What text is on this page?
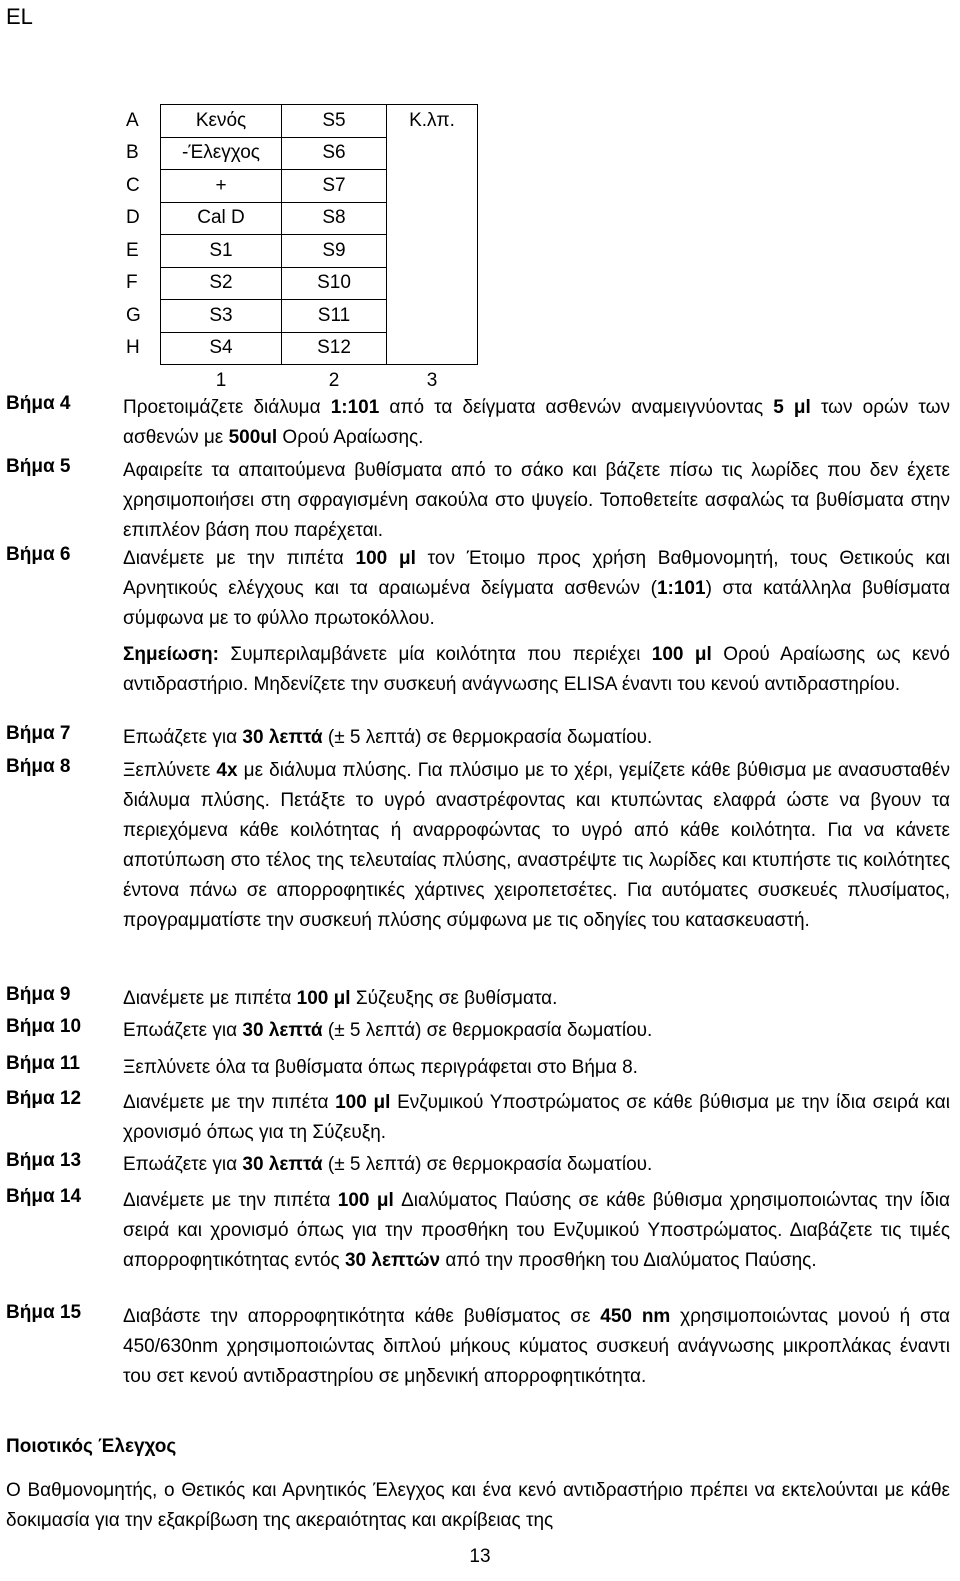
EL
A	Κενός	S5	Κ.λπ.
B	-Έλεγχος	S6	
C	+	S7	
D	Cal D	S8	
E	S1	S9	
F	S2	S10	
G	S3	S11	
H	S4	S12	
	1	2	3
Βήμα 4	Προετοιμάζετε διάλυμα 1:101 από τα δείγματα ασθενών αναμειγνύοντας 5 μl των ορών των ασθενών με 500ul Ορού Αραίωσης.

Βήμα 5	Αφαιρείτε τα απαιτούμενα βυθίσματα από το σάκο και βάζετε πίσω τις λωρίδες που δεν έχετε χρησιμοποιήσει στη σφραγισμένη σακούλα στο ψυγείο. Τοποθετείτε ασφαλώς τα βυθίσματα στην επιπλέον βάση που παρέχεται.

Βήμα 6	Διανέμετε με την πιπέτα 100 μl τον Έτοιμο προς χρήση Βαθμονομητή, τους Θετικούς και Αρνητικούς ελέγχους και τα αραιωμένα δείγματα ασθενών (1:101) στα κατάλληλα βυθίσματα σύμφωνα με το φύλλο πρωτοκόλλου.

Σημείωση: Συμπεριλαμβάνετε μία κοιλότητα που περιέχει 100 μl Ορού Αραίωσης ως κενό αντιδραστήριο. Μηδενίζετε την συσκευή ανάγνωσης ELISA έναντι του κενού αντιδραστηρίου.

Βήμα 7	Επωάζετε για 30 λεπτά (± 5 λεπτά) σε θερμοκρασία δωματίου.

Βήμα 8	Ξεπλύνετε 4x με διάλυμα πλύσης. Για πλύσιμο με το χέρι, γεμίζετε κάθε βύθισμα με ανασυσταθέν διάλυμα πλύσης. Πετάξτε το υγρό αναστρέφοντας και κτυπώντας ελαφρά ώστε να βγουν τα περιεχόμενα κάθε κοιλότητας ή αναρροφώντας το υγρό από κάθε κοιλότητα. Για να κάνετε αποτύπωση στο τέλος της τελευταίας πλύσης, αναστρέψτε τις λωρίδες και κτυπήστε τις κοιλότητες έντονα πάνω σε απορροφητικές χάρτινες χειροπετσέτες. Για αυτόματες συσκευές πλυσίματος, προγραμματίστε την συσκευή πλύσης σύμφωνα με τις οδηγίες του κατασκευαστή.

Βήμα 9	Διανέμετε με πιπέτα 100 μl Σύζευξης σε βυθίσματα.

Βήμα 10 Επωάζετε για 30 λεπτά (± 5 λεπτά) σε θερμοκρασία δωματίου.

Βήμα 11 Ξεπλύνετε όλα τα βυθίσματα όπως περιγράφεται στο Βήμα 8.

Βήμα 12 Διανέμετε με την πιπέτα 100 μl Ενζυμικού Υποστρώματος σε κάθε βύθισμα με την ίδια σειρά και χρονισμό όπως για τη Σύζευξη.

Βήμα 13 Επωάζετε για 30 λεπτά (± 5 λεπτά) σε θερμοκρασία δωματίου.

Βήμα 14 Διανέμετε με την πιπέτα 100 μl Διαλύματος Παύσης σε κάθε βύθισμα χρησιμοποιώντας την ίδια σειρά και χρονισμό όπως για την προσθήκη του Ενζυμικού Υποστρώματος. Διαβάζετε τις τιμές απορροφητικότητας εντός 30 λεπτών από την προσθήκη του Διαλύματος Παύσης.

Βήμα 15 Διαβάστε την απορροφητικότητα κάθε βυθίσματος σε 450 nm χρησιμοποιώντας μονού ή στα 450/630nm χρησιμοποιώντας διπλού μήκους κύματος συσκευή ανάγνωσης μικροπλάκας έναντι του σετ κενού αντιδραστηρίου σε μηδενική απορροφητικότητα.

Ποιοτικός Έλεγχος
Ο Βαθμονομητής, ο Θετικός και Αρνητικός Έλεγχος και ένα κενό αντιδραστήριο πρέπει να εκτελούνται με κάθε δοκιμασία για την εξακρίβωση της ακεραιότητας και ακρίβειας της
13
